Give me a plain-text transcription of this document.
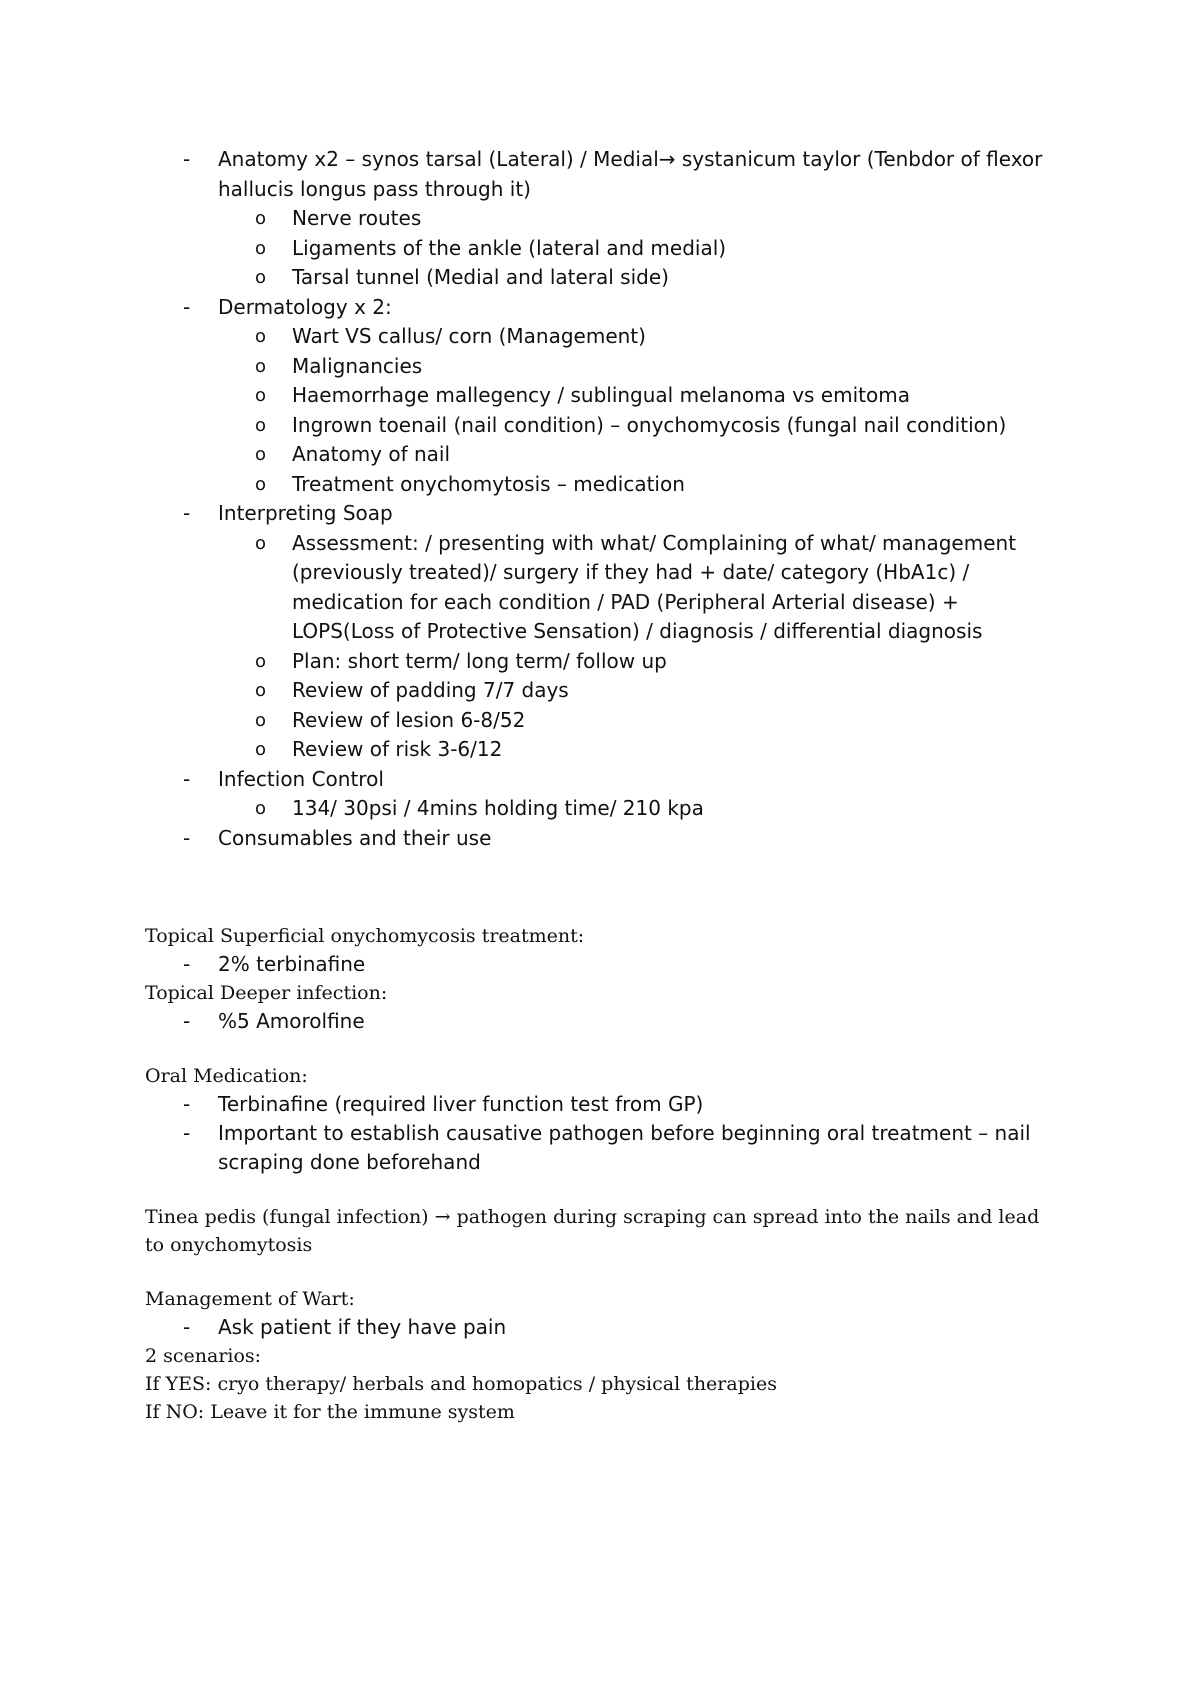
- Anatomy x2 – synos tarsal (Lateral) / Medial→ systanicum taylor (Tenbdor of flexor hallucis longus pass through it)
o Nerve routes
o Ligaments of the ankle (lateral and medial)
o Tarsal tunnel (Medial and lateral side)
- Dermatology x 2:
o Wart VS callus/ corn (Management)
o Malignancies
o Haemorrhage mallegency / sublingual melanoma vs emitoma
o Ingrown toenail (nail condition) – onychomycosis (fungal nail condition)
o Anatomy of nail
o Treatment onychomytosis – medication
- Interpreting Soap
o Assessment: / presenting with what/ Complaining of what/ management (previously treated)/ surgery if they had + date/ category (HbA1c) / medication for each condition / PAD (Peripheral Arterial disease) + LOPS(Loss of Protective Sensation) / diagnosis / differential diagnosis
o Plan: short term/ long term/ follow up
o Review of padding 7/7 days
o Review of lesion 6-8/52
o Review of risk 3-6/12
- Infection Control
o 134/ 30psi / 4mins holding time/ 210 kpa
- Consumables and their use
Topical Superficial onychomycosis treatment:
- 2% terbinafine
Topical Deeper infection:
- %5 Amorolfine
Oral Medication:
- Terbinafine (required liver function test from GP)
- Important to establish causative pathogen before beginning oral treatment – nail scraping done beforehand
Tinea pedis (fungal infection) → pathogen during scraping can spread into the nails and lead to onychomytosis
Management of Wart:
- Ask patient if they have pain
2 scenarios:
If YES: cryo therapy/ herbals and homopatics / physical therapies
If NO: Leave it for the immune system
